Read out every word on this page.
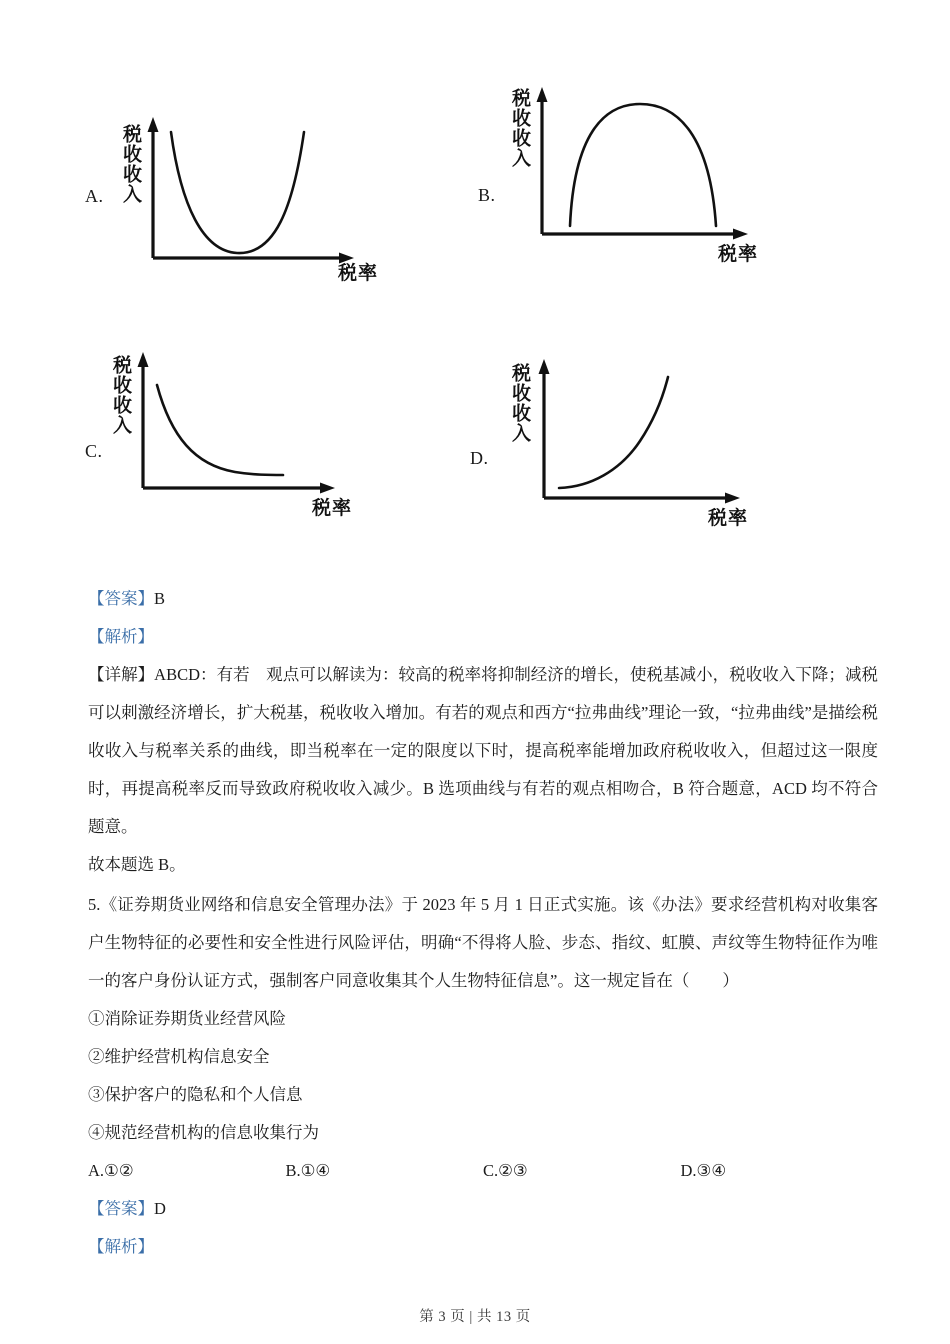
A. 税收收入
税率
B.
税收收入
税率
C.
税收收入
税率
D.
税收收入
税率
【答案】B
【解析】
【详解】ABCD：有若　观点可以解读为：较高的税率将抑制经济的增长，使税基减小，税收收入下降；减税可以刺激经济增长，扩大税基，税收收入增加。有若的观点和西方“拉弗曲线”理论一致，“拉弗曲线”是描绘税收收入与税率关系的曲线，即当税率在一定的限度以下时，提高税率能增加政府税收收入，但超过这一限度时，再提高税率反而导致政府税收收入减少。B 选项曲线与有若的观点相吻合，B 符合题意，ACD 均不符合题意。
故本题选 B。
5.《证券期货业网络和信息安全管理办法》于 2023 年 5 月 1 日正式实施。该《办法》要求经营机构对收集客户生物特征的必要性和安全性进行风险评估，明确“不得将人脸、步态、指纹、虹膜、声纹等生物特征作为唯一的客户身份认证方式，强制客户同意收集其个人生物特征信息”。这一规定旨在（　　）
①消除证券期货业经营风险
②维护经营机构信息安全
③保护客户的隐私和个人信息
④规范经营机构的信息收集行为
A.①②	B.①④	C.②③	D.③④
【答案】D
【解析】
第 3 页 | 共 13 页
